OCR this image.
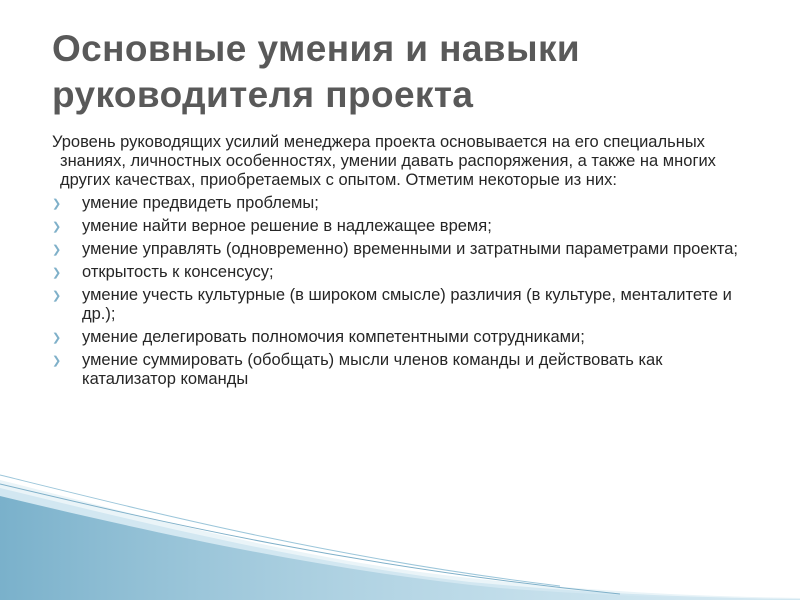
Основные умения и навыки руководителя проекта

Уровень руководящих усилий менеджера проекта основывается на его специальных знаниях, личностных особенностях, умении давать распоряжения, а также на многих других качествах, приобретаемых с опытом. Отметим некоторые из них:

❯ умение предвидеть проблемы;
❯ умение найти верное решение в надлежащее время;
❯ умение управлять (одновременно) временными и затратными параметрами проекта;
❯ открытость к консенсусу;
❯ умение учесть культурные (в широком смысле) различия (в культуре, менталитете и др.);
❯ умение делегировать полномочия компетентными сотрудниками;
❯ умение суммировать (обобщать) мысли членов команды и действовать как катализатор команды
